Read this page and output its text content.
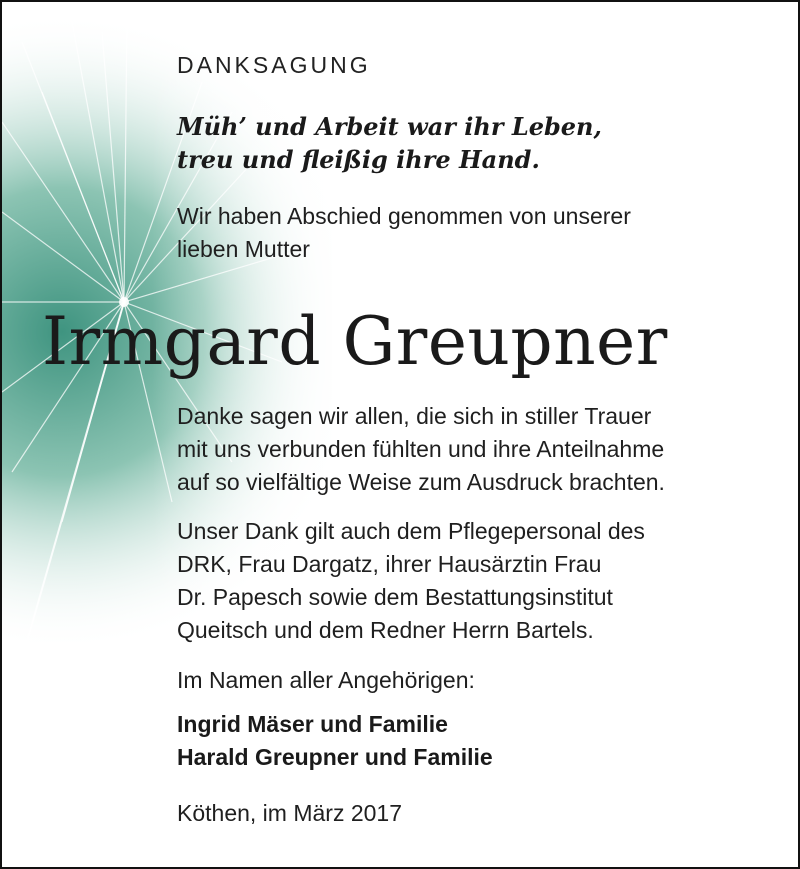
DANKSAGUNG
Müh’ und Arbeit war ihr Leben,
treu und fleißig ihre Hand.
Wir haben Abschied genommen von unserer
lieben Mutter
Irmgard Greupner
Danke sagen wir allen, die sich in stiller Trauer
mit uns verbunden fühlten und ihre Anteilnahme
auf so vielfältige Weise zum Ausdruck brachten.
Unser Dank gilt auch dem Pflegepersonal des
DRK, Frau Dargatz, ihrer Hausärztin Frau
Dr. Papesch sowie dem Bestattungsinstitut
Queitsch und dem Redner Herrn Bartels.
Im Namen aller Angehörigen:
Ingrid Mäser und Familie
Harald Greupner und Familie
Köthen, im März 2017
